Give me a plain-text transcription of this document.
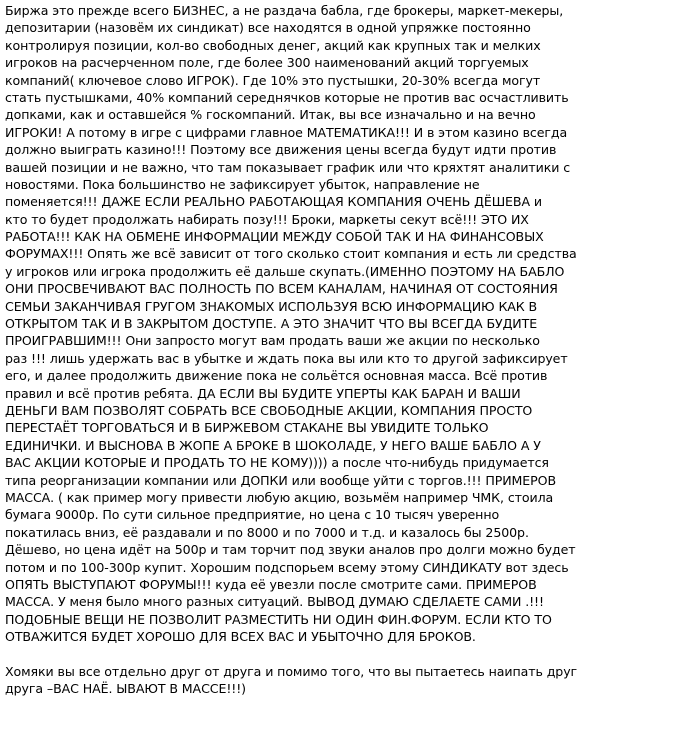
Биржа это прежде всего БИЗНЕС, а не раздача бабла, где брокеры, маркет-мекеры,
депозитарии (назовём их синдикат) все находятся в одной упряжке постоянно
контролируя позиции, кол-во свободных денег, акций как крупных так и мелких
игроков на расчерченном поле, где более 300 наименований акций торгуемых
компаний( ключевое слово ИГРОК). Где 10% это пустышки, 20-30% всегда могут
стать пустышками, 40% компаний середнячков которые не против вас осчастливить
допками, как и оставшейся % госкомпаний. Итак, вы все изначально и на вечно
ИГРОКИ! А потому в игре с цифрами главное МАТЕМАТИКА!!! И в этом казино всегда
должно выиграть казино!!! Поэтому все движения цены всегда будут идти против
вашей позиции и не важно, что там показывает график или что кряхтят аналитики с
новостями. Пока большинство не зафиксирует убыток, направление не
поменяется!!! ДАЖЕ ЕСЛИ РЕАЛЬНО РАБОТАЮЩАЯ КОМПАНИЯ ОЧЕНЬ ДЁШЕВА и
кто то будет продолжать набирать позу!!! Броки, маркеты секут всё!!! ЭТО ИХ
РАБОТА!!! КАК НА ОБМЕНЕ ИНФОРМАЦИИ МЕЖДУ СОБОЙ ТАК И НА ФИНАНСОВЫХ
ФОРУМАХ!!! Опять же всё зависит от того сколько стоит компания и есть ли средства
у игроков или игрока продолжить её дальше скупать.(ИМЕННО ПОЭТОМУ НА БАБЛО
ОНИ ПРОСВЕЧИВАЮТ ВАС ПОЛНОСТЬ ПО ВСЕМ КАНАЛАМ, НАЧИНАЯ ОТ СОСТОЯНИЯ
СЕМЬИ ЗАКАНЧИВАЯ ГРУГОМ ЗНАКОМЫХ ИСПОЛЬЗУЯ ВСЮ ИНФОРМАЦИЮ КАК В
ОТКРЫТОМ ТАК И В ЗАКРЫТОМ ДОСТУПЕ. А ЭТО ЗНАЧИТ ЧТО ВЫ ВСЕГДА БУДИТЕ
ПРОИГРАВШИМ!!! Они запросто могут вам продать ваши же акции по несколько
раз !!! лишь удержать вас в убытке и ждать пока вы или кто то другой зафиксирует
его, и далее продолжить движение пока не сольётся основная масса. Всё против
правил и всё против ребята. ДА ЕСЛИ ВЫ БУДИТЕ УПЕРТЫ КАК БАРАН И ВАШИ
ДЕНЬГИ ВАМ ПОЗВОЛЯТ СОБРАТЬ ВСЕ СВОБОДНЫЕ АКЦИИ, КОМПАНИЯ ПРОСТО
ПЕРЕСТАЁТ ТОРГОВАТЬСЯ И В БИРЖЕВОМ СТАКАНЕ ВЫ УВИДИТЕ ТОЛЬКО
ЕДИНИЧКИ. И ВЫСНОВА В ЖОПЕ А БРОКЕ В ШОКОЛАДЕ, У НЕГО ВАШЕ БАБЛО А У
ВАС АКЦИИ КОТОРЫЕ И ПРОДАТЬ ТО НЕ КОМУ)))) а после что-нибудь придумается
типа реорганизации компании или ДОПКИ или вообще уйти с торгов.!!! ПРИМЕРОВ
МАССА. ( как пример могу привести любую акцию, возьмём например ЧМК, стоила
бумага 9000р. По сути сильное предприятие, но цена с 10 тысяч уверенно
покатилась вниз, её раздавали и по 8000 и по 7000 и т.д. и казалось бы 2500р.
Дёшево, но цена идёт на 500р и там торчит под звуки аналов про долги можно будет
потом и по 100-300р купит. Хорошим подспорьем всему этому СИНДИКАТУ вот здесь
ОПЯТЬ ВЫСТУПАЮТ ФОРУМЫ!!! куда её увезли после смотрите сами. ПРИМЕРОВ
МАССА. У меня было много разных ситуаций. ВЫВОД ДУМАЮ СДЕЛАЕТЕ САМИ .!!!
ПОДОБНЫЕ ВЕЩИ НЕ ПОЗВОЛИТ РАЗМЕСТИТЬ НИ ОДИН ФИН.ФОРУМ. ЕСЛИ КТО ТО
ОТВАЖИТСЯ БУДЕТ ХОРОШО ДЛЯ ВСЕХ ВАС И УБЫТОЧНО ДЛЯ БРОКОВ.
Хомяки вы все отдельно друг от друга и помимо того, что вы пытаетесь наипать друг
друга –ВАС НАЁ. ЫВАЮТ В МАССЕ!!!)
